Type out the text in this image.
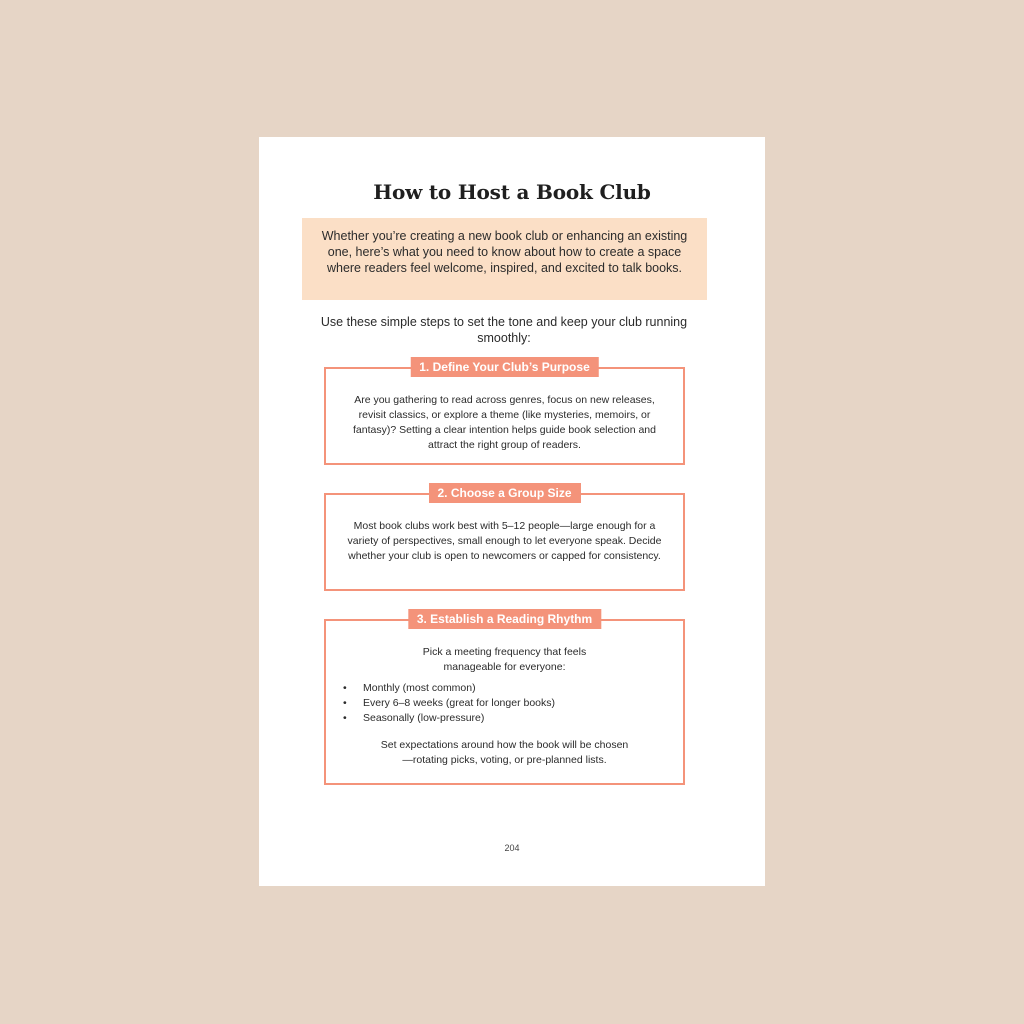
How to Host a Book Club
Whether you’re creating a new book club or enhancing an existing one, here’s what you need to know about how to create a space where readers feel welcome, inspired, and excited to talk books.
Use these simple steps to set the tone and keep your club running smoothly:
1. Define Your Club’s Purpose
Are you gathering to read across genres, focus on new releases, revisit classics, or explore a theme (like mysteries, memoirs, or fantasy)? Setting a clear intention helps guide book selection and attract the right group of readers.
2. Choose a Group Size
Most book clubs work best with 5–12 people—large enough for a variety of perspectives, small enough to let everyone speak. Decide whether your club is open to newcomers or capped for consistency.
3. Establish a Reading Rhythm
Pick a meeting frequency that feels manageable for everyone:
• Monthly (most common)
• Every 6–8 weeks (great for longer books)
• Seasonally (low-pressure)
Set expectations around how the book will be chosen—rotating picks, voting, or pre-planned lists.
204
